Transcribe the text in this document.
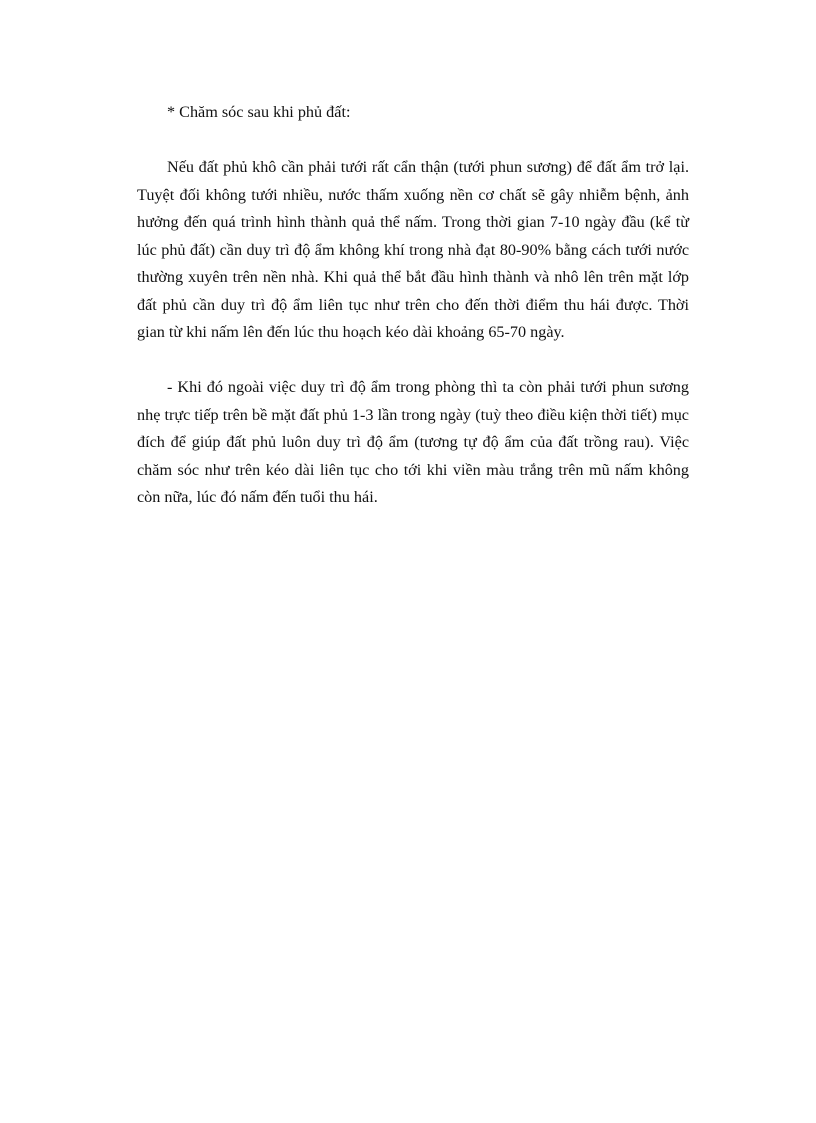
* Chăm sóc sau khi phủ đất:

Nếu đất phủ khô cần phải tưới rất cẩn thận (tưới phun sương) để đất ẩm trở lại. Tuyệt đối không tưới nhiều, nước thấm xuống nền cơ chất sẽ gây nhiễm bệnh, ảnh hưởng đến quá trình hình thành quả thể nấm. Trong thời gian 7-10 ngày đầu (kể từ lúc phủ đất) cần duy trì độ ẩm không khí trong nhà đạt 80-90% bằng cách tưới nước thường xuyên trên nền nhà. Khi quả thể bắt đầu hình thành và nhô lên trên mặt lớp đất phủ cần duy trì độ ẩm liên tục như trên cho đến thời điểm thu hái được. Thời gian từ khi nấm lên đến lúc thu hoạch kéo dài khoảng 65-70 ngày.

- Khi đó ngoài việc duy trì độ ẩm trong phòng thì ta còn phải tưới phun sương nhẹ trực tiếp trên bề mặt đất phủ 1-3 lần trong ngày (tuỳ theo điều kiện thời tiết) mục đích để giúp đất phủ luôn duy trì độ ẩm (tương tự độ ẩm của đất trồng rau). Việc chăm sóc như trên kéo dài liên tục cho tới khi viền màu trắng trên mũ nấm không còn nữa, lúc đó nấm đến tuổi thu hái.
